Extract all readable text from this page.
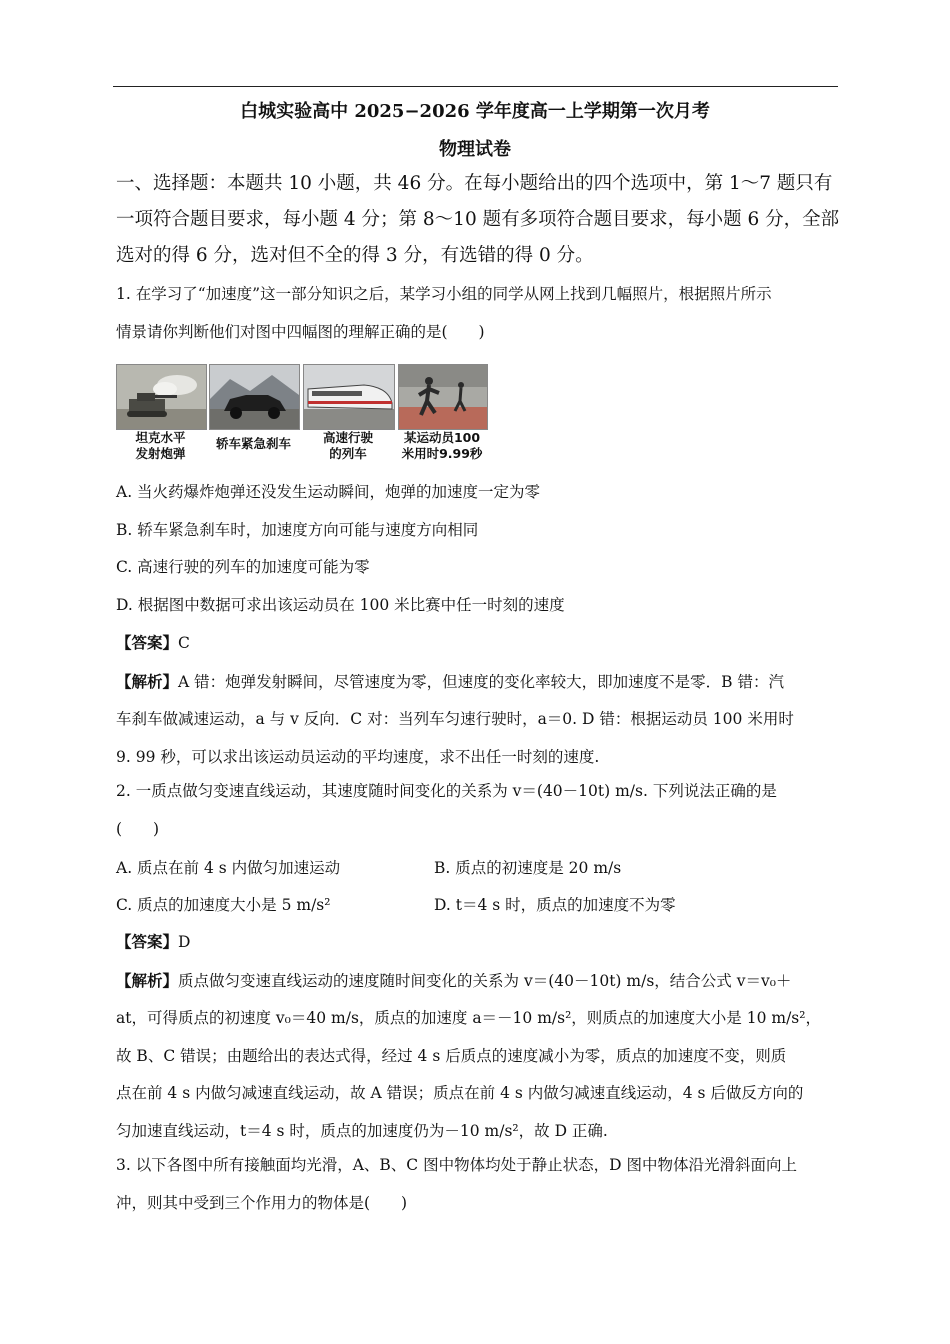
白城实验高中 2025−2026 学年度高一上学期第一次月考
物理试卷
一、选择题：本题共 10 小题，共 46 分。在每小题给出的四个选项中，第 1～7 题只有
一项符合题目要求，每小题 4 分；第 8～10 题有多项符合题目要求，每小题 6 分，全部
选对的得 6 分，选对但不全的得 3 分，有选错的得 0 分。
1. 在学习了“加速度”这一部分知识之后，某学习小组的同学从网上找到几幅照片，根据照片所示
情景请你判断他们对图中四幅图的理解正确的是(　　)
坦克水平
发射炮弹
轿车紧急刹车	高速行驶
的列车
某运动员100
米用时9.99秒
A. 当火药爆炸炮弹还没发生运动瞬间，炮弹的加速度一定为零
B. 轿车紧急刹车时，加速度方向可能与速度方向相同
C. 高速行驶的列车的加速度可能为零
D. 根据图中数据可求出该运动员在 100 米比赛中任一时刻的速度
【答案】C
【解析】A 错：炮弹发射瞬间，尽管速度为零，但速度的变化率较大，即加速度不是零．B 错：汽
车刹车做减速运动，a 与 v 反向．C 对：当列车匀速行驶时，a＝0. D 错：根据运动员 100 米用时
9. 99 秒，可以求出该运动员运动的平均速度，求不出任一时刻的速度.
2. 一质点做匀变速直线运动，其速度随时间变化的关系为 v＝(40－10t) m/s. 下列说法正确的是
(　　)
A. 质点在前 4 s 内做匀加速运动	B. 质点的初速度是 20 m/s
C. 质点的加速度大小是 5 m/s²	D. t＝4 s 时，质点的加速度不为零
【答案】D
【解析】质点做匀变速直线运动的速度随时间变化的关系为 v＝(40－10t) m/s，结合公式 v＝v₀＋
at，可得质点的初速度 v₀＝40 m/s，质点的加速度 a＝－10 m/s²，则质点的加速度大小是 10 m/s²，
故 B、C 错误；由题给出的表达式得，经过 4 s 后质点的速度减小为零，质点的加速度不变，则质
点在前 4 s 内做匀减速直线运动，故 A 错误；质点在前 4 s 内做匀减速直线运动，4 s 后做反方向的
匀加速直线运动，t＝4 s 时，质点的加速度仍为－10 m/s²，故 D 正确.
3. 以下各图中所有接触面均光滑，A、B、C 图中物体均处于静止状态，D 图中物体沿光滑斜面向上
冲，则其中受到三个作用力的物体是(　　)
